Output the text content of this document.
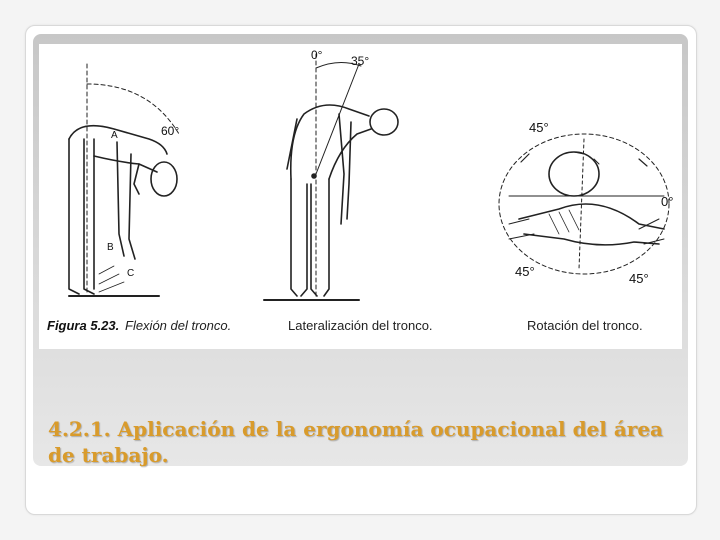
60°
A
B
C
0° 35°
45°
0°
45°	45°
Figura 5.23. Flexión del tronco.	Lateralización del tronco.	Rotación del tronco.
4.2.1. Aplicación de la ergonomía ocupacional del área de trabajo.
